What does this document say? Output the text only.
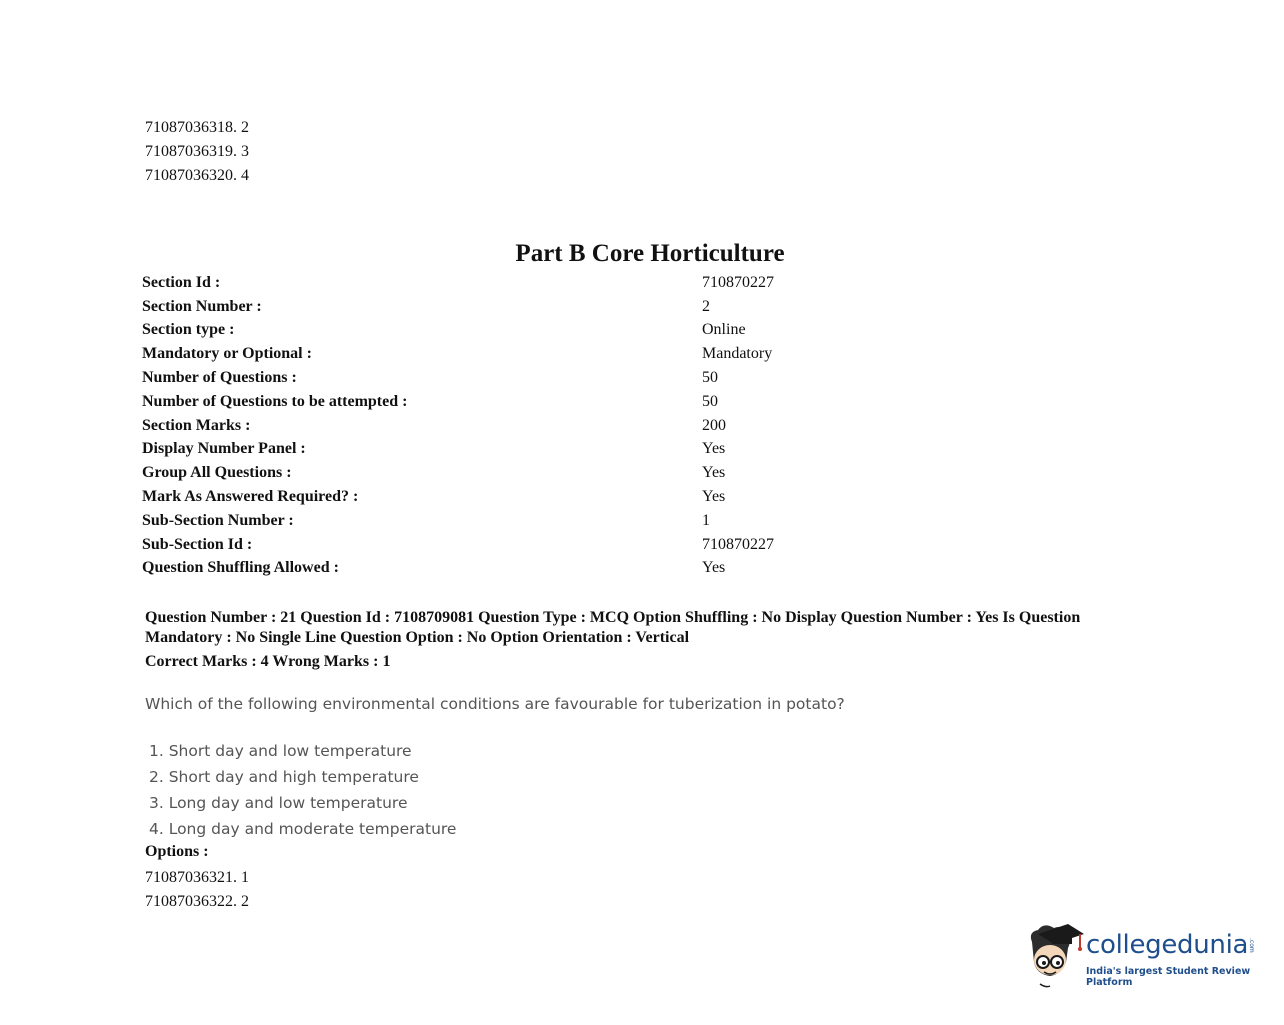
71087036318. 2
71087036319. 3
71087036320. 4
Part B Core Horticulture
Section Id :	710870227
Section Number :	2
Section type :	Online
Mandatory or Optional :	Mandatory
Number of Questions :	50
Number of Questions to be attempted :	50
Section Marks :	200
Display Number Panel :	Yes
Group All Questions :	Yes
Mark As Answered Required? :	Yes
Sub-Section Number :	1
Sub-Section Id :	710870227
Question Shuffling Allowed :	Yes
Question Number : 21 Question Id : 7108709081 Question Type : MCQ Option Shuffling : No Display Question Number : Yes Is Question Mandatory : No Single Line Question Option : No Option Orientation : Vertical
Correct Marks : 4 Wrong Marks : 1
Which of the following environmental conditions are favourable for tuberization in potato?
1. Short day and low temperature
2. Short day and high temperature
3. Long day and low temperature
4. Long day and moderate temperature
Options :
71087036321. 1
71087036322. 2
collegedunia .com
India's largest Student Review Platform
